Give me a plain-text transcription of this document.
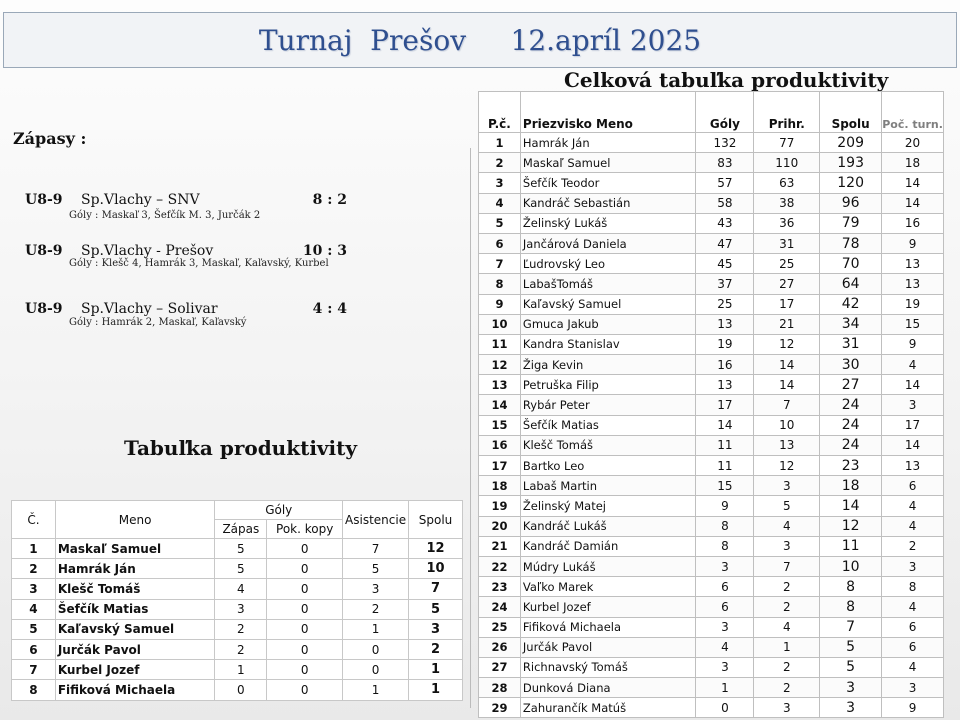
Turnaj  Prešov     12.apríl 2025
Celková tabuľka produktivity
Zápasy :
U8-9 Sp.Vlachy – SNV	8 : 2
Góly : Maskaľ 3, Šefčík M. 3, Jurčák 2
U8-9 Sp.Vlachy - Prešov	10 : 3
Góly : Klešč 4, Hamrák 3, Maskaľ, Kaľavský, Kurbel
U8-9 Sp.Vlachy – Solivar	4 : 4
Góly : Hamrák 2, Maskaľ, Kaľavský
Tabuľka produktivity
P.č.	Priezvisko Meno	Góly	Prihr.	Spolu	Poč. turn.
1	Hamrák Ján	132	77	209	20
2	Maskaľ Samuel	83	110	193	18
3	Šefčík Teodor	57	63	120	14
4	Kandráč Sebastián	58	38	96	14
5	Želinský Lukáš	43	36	79	16
6	Jančárová Daniela	47	31	78	9
7	Ľudrovský Leo	45	25	70	13
8	LabašTomáš	37	27	64	13
9	Kaľavský Samuel	25	17	42	19
10	Gmuca Jakub	13	21	34	15
11	Kandra Stanislav	19	12	31	9
12	Žiga Kevin	16	14	30	4
13	Petruška Filip	13	14	27	14
14	Rybár Peter	17	7	24	3
15	Šefčík Matias	14	10	24	17
16	Klešč Tomáš	11	13	24	14
17	Bartko Leo	11	12	23	13
18	Labaš Martin	15	3	18	6
19	Želinský Matej	9	5	14	4
20	Kandráč Lukáš	8	4	12	4
21	Kandráč Damián	8	3	11	2
22	Múdry Lukáš	3	7	10	3
23	Vaľko Marek	6	2	8	8
24	Kurbel Jozef	6	2	8	4
25	Fifiková Michaela	3	4	7	6
26	Jurčák Pavol	4	1	5	6
27	Richnavský Tomáš	3	2	5	4
28	Dunková Diana	1	2	3	3
29	Zahurančík Matúš	0	3	3	9
Č.	Meno	Góly		Asistencie	Spolu
		Zápas	Pok. kopy		
1	Maskaľ Samuel	5	0	7	12
2	Hamrák Ján	5	0	5	10
3	Klešč Tomáš	4	0	3	7
4	Šefčík Matias	3	0	2	5
5	Kaľavský Samuel	2	0	1	3
6	Jurčák Pavol	2	0	0	2
7	Kurbel Jozef	1	0	0	1
8	Fifiková Michaela	0	0	1	1
